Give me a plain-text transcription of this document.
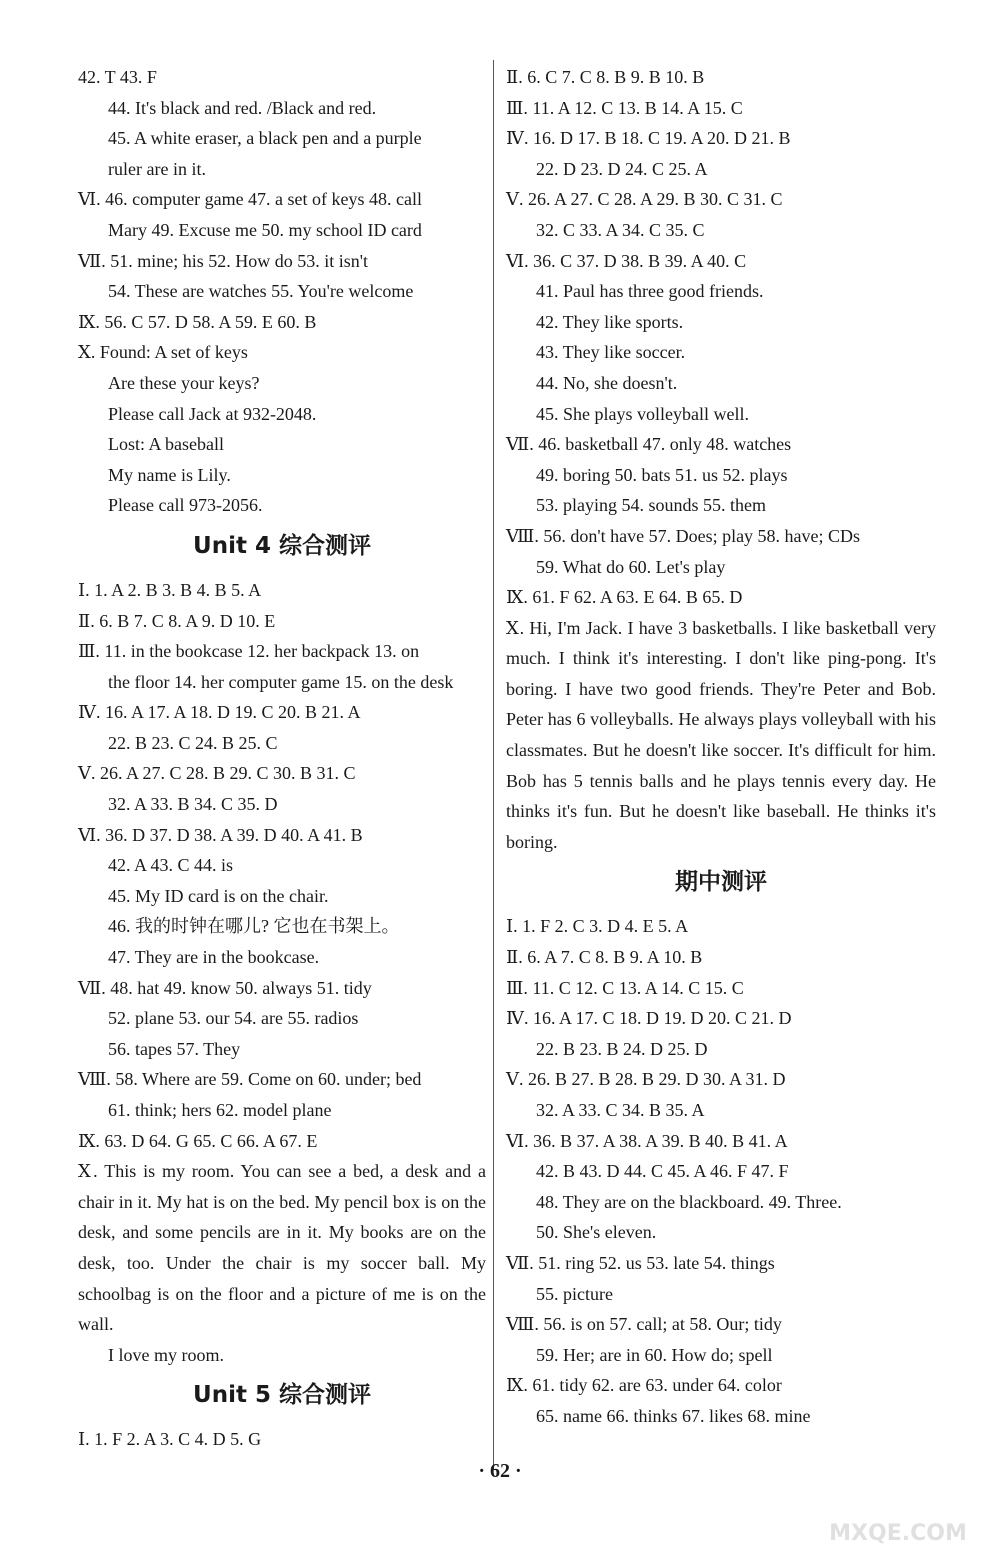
42. T 43. F
44. It's black and red. /Black and red.
45. A white eraser, a black pen and a purple
ruler are in it.
Ⅵ. 46. computer game 47. a set of keys 48. call
Mary 49. Excuse me 50. my school ID card
Ⅶ. 51. mine; his 52. How do 53. it isn't
54. These are watches 55. You're welcome
Ⅸ. 56. C 57. D 58. A 59. E 60. B
Ⅹ. Found: A set of keys
Are these your keys?
Please call Jack at 932-2048.
Lost: A baseball
My name is Lily.
Please call 973-2056.
Unit 4 综合测评
Ⅰ. 1. A 2. B 3. B 4. B 5. A
Ⅱ. 6. B 7. C 8. A 9. D 10. E
Ⅲ. 11. in the bookcase 12. her backpack 13. on
the floor 14. her computer game 15. on the desk
Ⅳ. 16. A 17. A 18. D 19. C 20. B 21. A
22. B 23. C 24. B 25. C
Ⅴ. 26. A 27. C 28. B 29. C 30. B 31. C
32. A 33. B 34. C 35. D
Ⅵ. 36. D 37. D 38. A 39. D 40. A 41. B
42. A 43. C 44. is
45. My ID card is on the chair.
46. 我的时钟在哪儿? 它也在书架上。
47. They are in the bookcase.
Ⅶ. 48. hat 49. know 50. always 51. tidy
52. plane 53. our 54. are 55. radios
56. tapes 57. They
Ⅷ. 58. Where are 59. Come on 60. under; bed
61. think; hers 62. model plane
Ⅸ. 63. D 64. G 65. C 66. A 67. E
Ⅹ. This is my room. You can see a bed, a desk and a chair in it. My hat is on the bed. My pencil box is on the desk, and some pencils are in it. My books are on the desk, too. Under the chair is my soccer ball. My schoolbag is on the floor and a picture of me is on the wall.
I love my room.
Unit 5 综合测评
Ⅰ. 1. F 2. A 3. C 4. D 5. G
Ⅱ. 6. C 7. C 8. B 9. B 10. B
Ⅲ. 11. A 12. C 13. B 14. A 15. C
Ⅳ. 16. D 17. B 18. C 19. A 20. D 21. B
22. D 23. D 24. C 25. A
Ⅴ. 26. A 27. C 28. A 29. B 30. C 31. C
32. C 33. A 34. C 35. C
Ⅵ. 36. C 37. D 38. B 39. A 40. C
41. Paul has three good friends.
42. They like sports.
43. They like soccer.
44. No, she doesn't.
45. She plays volleyball well.
Ⅶ. 46. basketball 47. only 48. watches
49. boring 50. bats 51. us 52. plays
53. playing 54. sounds 55. them
Ⅷ. 56. don't have 57. Does; play 58. have; CDs
59. What do 60. Let's play
Ⅸ. 61. F 62. A 63. E 64. B 65. D
Ⅹ. Hi, I'm Jack. I have 3 basketballs. I like basketball very much. I think it's interesting. I don't like ping-pong. It's boring. I have two good friends. They're Peter and Bob. Peter has 6 volleyballs. He always plays volleyball with his classmates. But he doesn't like soccer. It's difficult for him. Bob has 5 tennis balls and he plays tennis every day. He thinks it's fun. But he doesn't like baseball. He thinks it's boring.
期中测评
Ⅰ. 1. F 2. C 3. D 4. E 5. A
Ⅱ. 6. A 7. C 8. B 9. A 10. B
Ⅲ. 11. C 12. C 13. A 14. C 15. C
Ⅳ. 16. A 17. C 18. D 19. D 20. C 21. D
22. B 23. B 24. D 25. D
Ⅴ. 26. B 27. B 28. B 29. D 30. A 31. D
32. A 33. C 34. B 35. A
Ⅵ. 36. B 37. A 38. A 39. B 40. B 41. A
42. B 43. D 44. C 45. A 46. F 47. F
48. They are on the blackboard. 49. Three.
50. She's eleven.
Ⅶ. 51. ring 52. us 53. late 54. things
55. picture
Ⅷ. 56. is on 57. call; at 58. Our; tidy
59. Her; are in 60. How do; spell
Ⅸ. 61. tidy 62. are 63. under 64. color
65. name 66. thinks 67. likes 68. mine
· 62 ·
MXQE.COM
